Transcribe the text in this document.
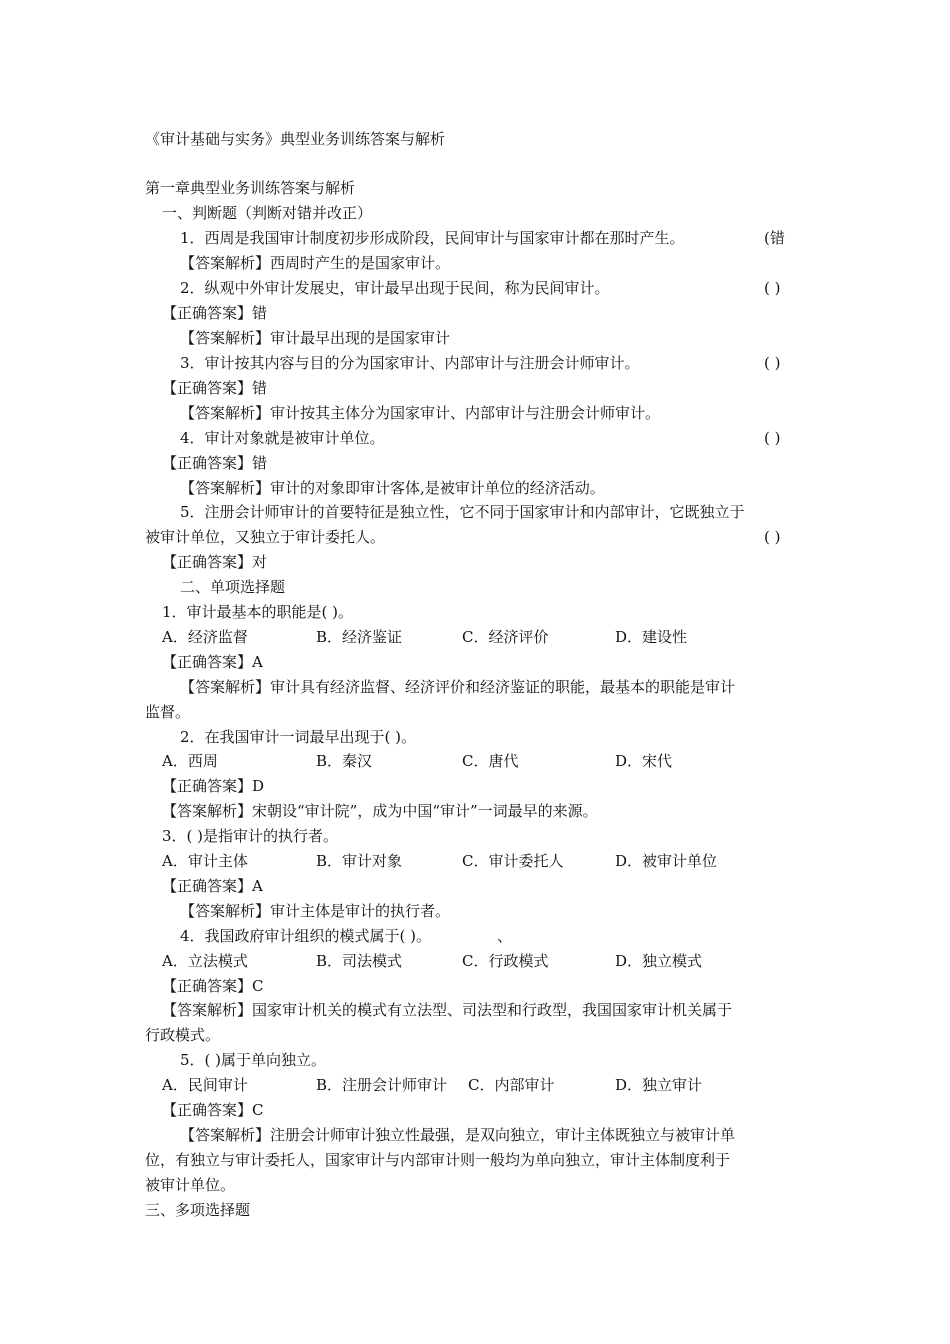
《审计基础与实务》典型业务训练答案与解析
第一章典型业务训练答案与解析
一、判断题（判断对错并改正）
1．西周是我国审计制度初步形成阶段，民间审计与国家审计都在那时产生。	(错
【答案解析】西周时产生的是国家审计。
2．纵观中外审计发展史，审计最早出现于民间，称为民间审计。	( )
【正确答案】错
【答案解析】审计最早出现的是国家审计
3．审计按其内容与目的分为国家审计、内部审计与注册会计师审计。	( )
【正确答案】错
【答案解析】审计按其主体分为国家审计、内部审计与注册会计师审计。
4．审计对象就是被审计单位。	( )
【正确答案】错
【答案解析】审计的对象即审计客体,是被审计单位的经济活动。
5．注册会计师审计的首要特征是独立性，它不同于国家审计和内部审计，它既独立于
被审计单位，又独立于审计委托人。	( )
【正确答案】对
二、单项选择题
1．审计最基本的职能是( )。
A．经济监督	B．经济鉴证	C．经济评价	D．建设性
【正确答案】A
【答案解析】审计具有经济监督、经济评价和经济鉴证的职能，最基本的职能是审计
监督。
2．在我国审计一词最早出现于( )。
A．西周	B．秦汉	C．唐代	D．宋代
【正确答案】D
【答案解析】宋朝设“审计院”，成为中国“审计”一词最早的来源。
3．( )是指审计的执行者。
A．审计主体	B．审计对象	C．审计委托人	D．被审计单位
【正确答案】A
【答案解析】审计主体是审计的执行者。
4．我国政府审计组织的模式属于( )。	、
A．立法模式	B．司法模式	C．行政模式	D．独立模式
【正确答案】C
【答案解析】国家审计机关的模式有立法型、司法型和行政型，我国国家审计机关属于
行政模式。
5．( )属于单向独立。
A．民间审计	B．注册会计师审计 C．内部审计	D．独立审计
【正确答案】C
【答案解析】注册会计师审计独立性最强，是双向独立，审计主体既独立与被审计单
位，有独立与审计委托人，国家审计与内部审计则一般均为单向独立，审计主体制度利于
被审计单位。
三、多项选择题
